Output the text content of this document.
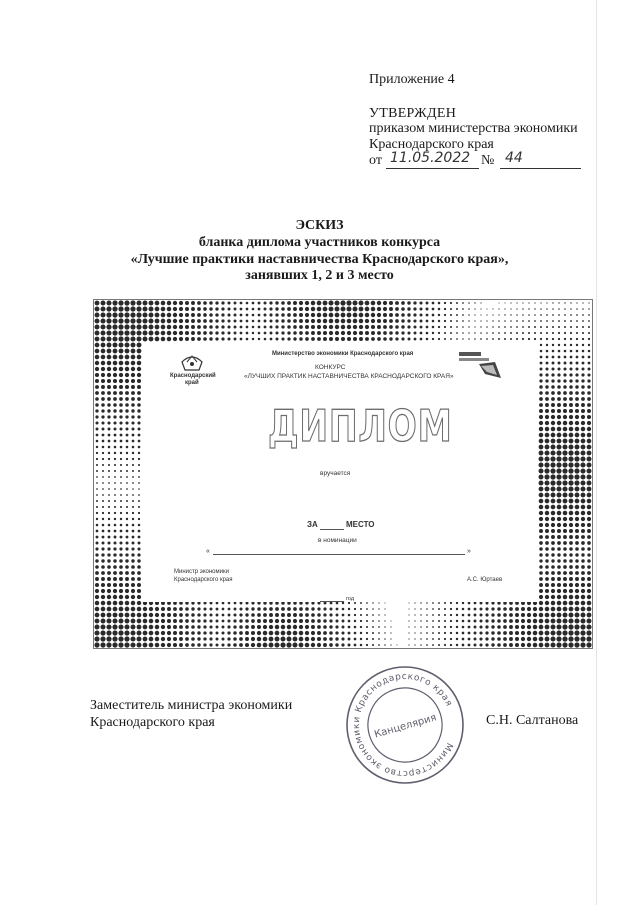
Приложение 4
УТВЕРЖДЕН
приказом министерства экономики
Краснодарского края
от 11.05.2022 № 44
ЭСКИЗ
бланка диплома участников конкурса
«Лучшие практики наставничества Краснодарского края»,
занявших 1, 2 и 3 место
Краснодарский
край
Министерство экономики Краснодарского края
КОНКУРС
«ЛУЧШИХ ПРАКТИК НАСТАВНИЧЕСТВА КРАСНОДАРСКОГО КРАЯ»
ДИПЛОМ
вручается
ЗА	МЕСТО
в номинации
«	»
Министр экономики
Краснодарского края	А.С. Юртаев
год
Заместитель министра экономики
Краснодарского края	С.Н. Салтанова
Министерство экономики Краснодарского края
Канцелярия
